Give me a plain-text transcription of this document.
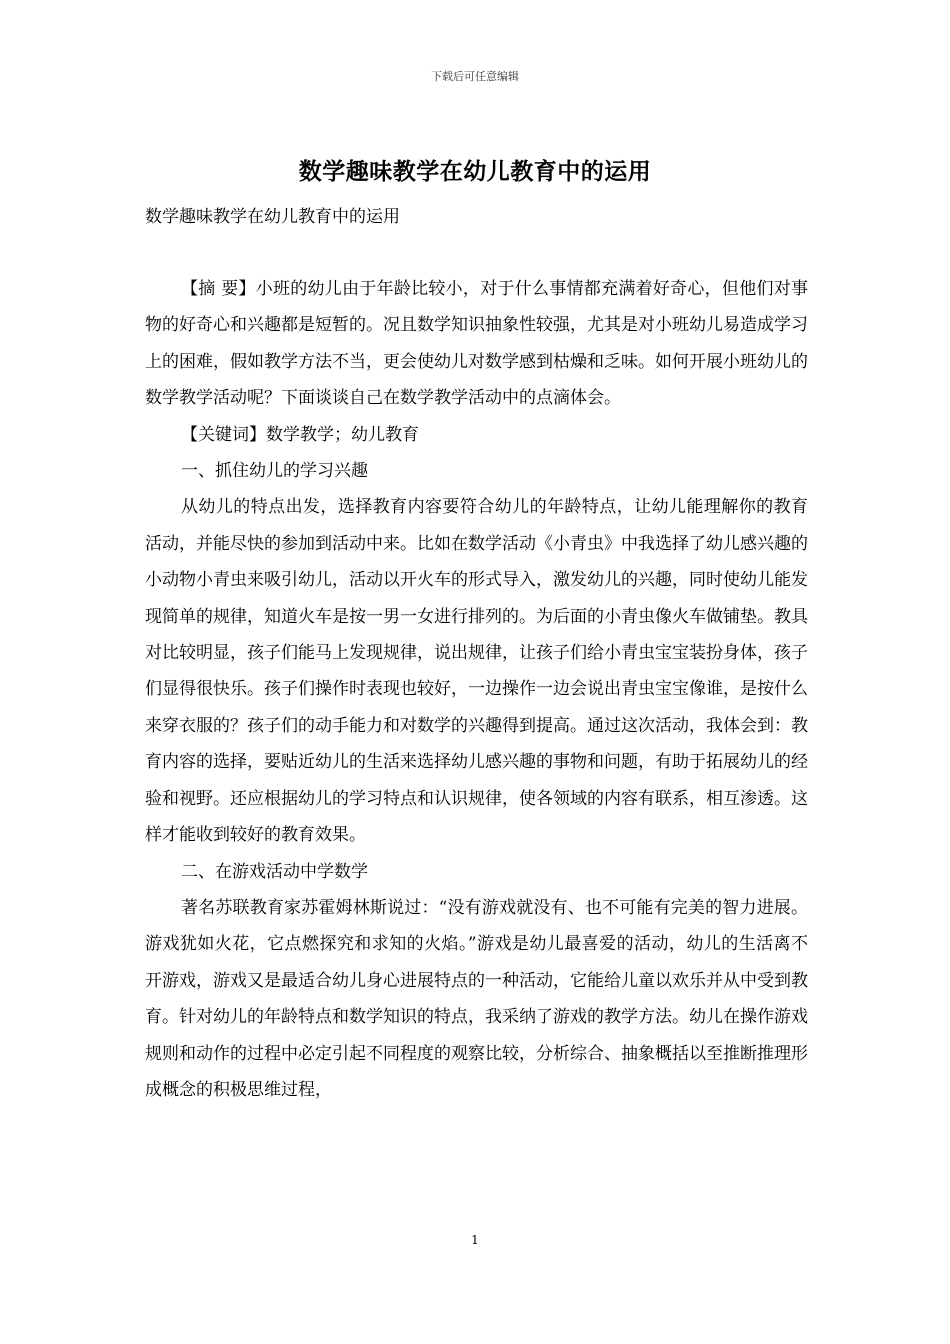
下载后可任意编辑
数学趣味教学在幼儿教育中的运用
数学趣味教学在幼儿教育中的运用

【摘 要】小班的幼儿由于年龄比较小，对于什么事情都充满着好奇心，但他们对事物的好奇心和兴趣都是短暂的。况且数学知识抽象性较强，尤其是对小班幼儿易造成学习上的困难，假如教学方法不当，更会使幼儿对数学感到枯燥和乏味。如何开展小班幼儿的数学教学活动呢？下面谈谈自己在数学教学活动中的点滴体会。

【关键词】数学教学；幼儿教育

一、抓住幼儿的学习兴趣

从幼儿的特点出发，选择教育内容要符合幼儿的年龄特点，让幼儿能理解你的教育活动，并能尽快的参加到活动中来。比如在数学活动《小青虫》中我选择了幼儿感兴趣的小动物小青虫来吸引幼儿，活动以开火车的形式导入，激发幼儿的兴趣，同时使幼儿能发现简单的规律，知道火车是按一男一女进行排列的。为后面的小青虫像火车做铺垫。教具对比较明显，孩子们能马上发现规律，说出规律，让孩子们给小青虫宝宝装扮身体，孩子们显得很快乐。孩子们操作时表现也较好，一边操作一边会说出青虫宝宝像谁，是按什么来穿衣服的？孩子们的动手能力和对数学的兴趣得到提高。通过这次活动，我体会到：教育内容的选择，要贴近幼儿的生活来选择幼儿感兴趣的事物和问题，有助于拓展幼儿的经验和视野。还应根据幼儿的学习特点和认识规律，使各领域的内容有联系，相互渗透。这样才能收到较好的教育效果。

二、在游戏活动中学数学

著名苏联教育家苏霍姆林斯说过：“没有游戏就没有、也不可能有完美的智力进展。游戏犹如火花，它点燃探究和求知的火焰。”游戏是幼儿最喜爱的活动，幼儿的生活离不开游戏，游戏又是最适合幼儿身心进展特点的一种活动，它能给儿童以欢乐并从中受到教育。针对幼儿的年龄特点和数学知识的特点，我采纳了游戏的教学方法。幼儿在操作游戏规则和动作的过程中必定引起不同程度的观察比较，分析综合、抽象概括以至推断推理形成概念的积极思维过程，

1
